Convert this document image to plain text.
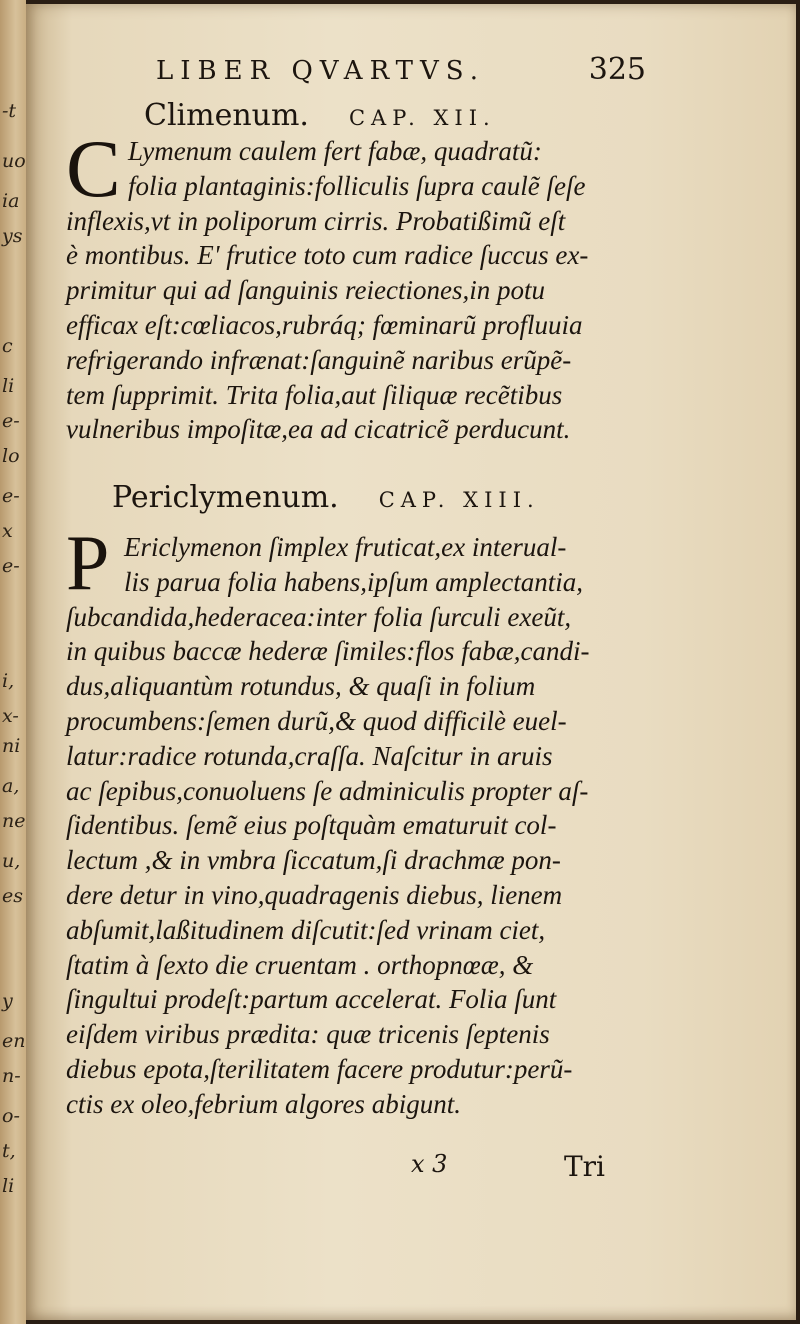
-t
uo
ia
ys
c
li
e-
lo
e-
x
e-
i,
x-
ni
a,
ne
u,
es
y
en
n-
o-
t,
li
LIBER QVARTVS.	325
Climenum. CAP. XII.
C Lymenum caulem fert fabæ, quadratũ:
folia plantaginis:folliculis ſupra caulẽ ſeſe
inflexis,vt in poliporum cirris. Probatißimũ eſt
è montibus. E' frutice toto cum radice ſuccus ex-
primitur qui ad ſanguinis reiectiones,in potu
efficax eſt:cœliacos,rubráq; fœminarũ profluuia
refrigerando infrænat:ſanguinẽ naribus erũpẽ-
tem ſupprimit. Trita folia,aut ſiliquæ recẽtibus
vulneribus impoſitæ,ea ad cicatricẽ perducunt.
Periclymenum. CAP. XIII.
P Ericlymenon ſimplex fruticat,ex interual-
lis parua folia habens,ipſum amplectantia,
ſubcandida,hederacea:inter folia ſurculi exeũt,
in quibus baccæ hederæ ſimiles:flos fabæ,candi-
dus,aliquantùm rotundus, & quaſi in folium
procumbens:ſemen durũ,& quod difficilè euel-
latur:radice rotunda,craſſa. Naſcitur in aruis
ac ſepibus,conuoluens ſe adminiculis propter aſ-
ſidentibus. ſemẽ eius poſtquàm ematuruit col-
lectum ,& in vmbra ſiccatum,ſi drachmæ pon-
dere detur in vino,quadragenis diebus, lienem
abſumit,laßitudinem diſcutit:ſed vrinam ciet,
ſtatim à ſexto die cruentam . orthopnœæ, &
ſingultui prodeſt:partum accelerat. Folia ſunt
eiſdem viribus prædita: quæ tricenis ſeptenis
diebus epota,ſterilitatem facere produtur:perũ-
ctis ex oleo,febrium algores abigunt.
x 3	Tri
